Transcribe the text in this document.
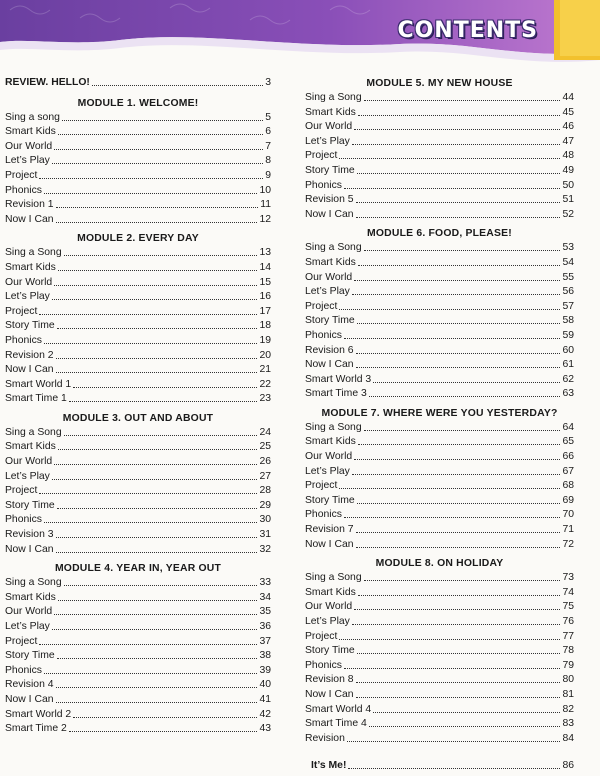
CONTENTS
REVIEW. HELLO!	3
MODULE 1. WELCOME!
Sing a song	5
Smart Kids	6
Our World	7
Let’s Play	8
Project	9
Phonics	10
Revision 1	11
Now I Can	12
MODULE 2. EVERY DAY
Sing a Song	13
Smart Kids	14
Our World	15
Let’s Play	16
Project	17
Story Time	18
Phonics	19
Revision 2	20
Now I Can	21
Smart World 1	22
Smart Time 1	23
MODULE 3. OUT AND ABOUT
Sing a Song	24
Smart Kids	25
Our World	26
Let’s Play	27
Project	28
Story Time	29
Phonics	30
Revision 3	31
Now I Can	32
MODULE 4. YEAR IN, YEAR OUT
Sing a Song	33
Smart Kids	34
Our World	35
Let’s Play	36
Project	37
Story Time	38
Phonics	39
Revision 4	40
Now I Can	41
Smart World 2	42
Smart Time 2	43
MODULE 5. MY NEW HOUSE
Sing a Song	44
Smart Kids	45
Our World	46
Let’s Play	47
Project	48
Story Time	49
Phonics	50
Revision 5	51
Now I Can	52
MODULE 6. FOOD, PLEASE!
Sing a Song	53
Smart Kids	54
Our World	55
Let’s Play	56
Project	57
Story Time	58
Phonics	59
Revision 6	60
Now I Can	61
Smart World 3	62
Smart Time 3	63
MODULE 7. WHERE WERE YOU YESTERDAY?
Sing a Song	64
Smart Kids	65
Our World	66
Let’s Play	67
Project	68
Story Time	69
Phonics	70
Revision 7	71
Now I Can	72
MODULE 8. ON HOLIDAY
Sing a Song	73
Smart Kids	74
Our World	75
Let’s Play	76
Project	77
Story Time	78
Phonics	79
Revision 8	80
Now I Can	81
Smart World 4	82
Smart Time 4	83
Revision	84
It’s Me!	86
